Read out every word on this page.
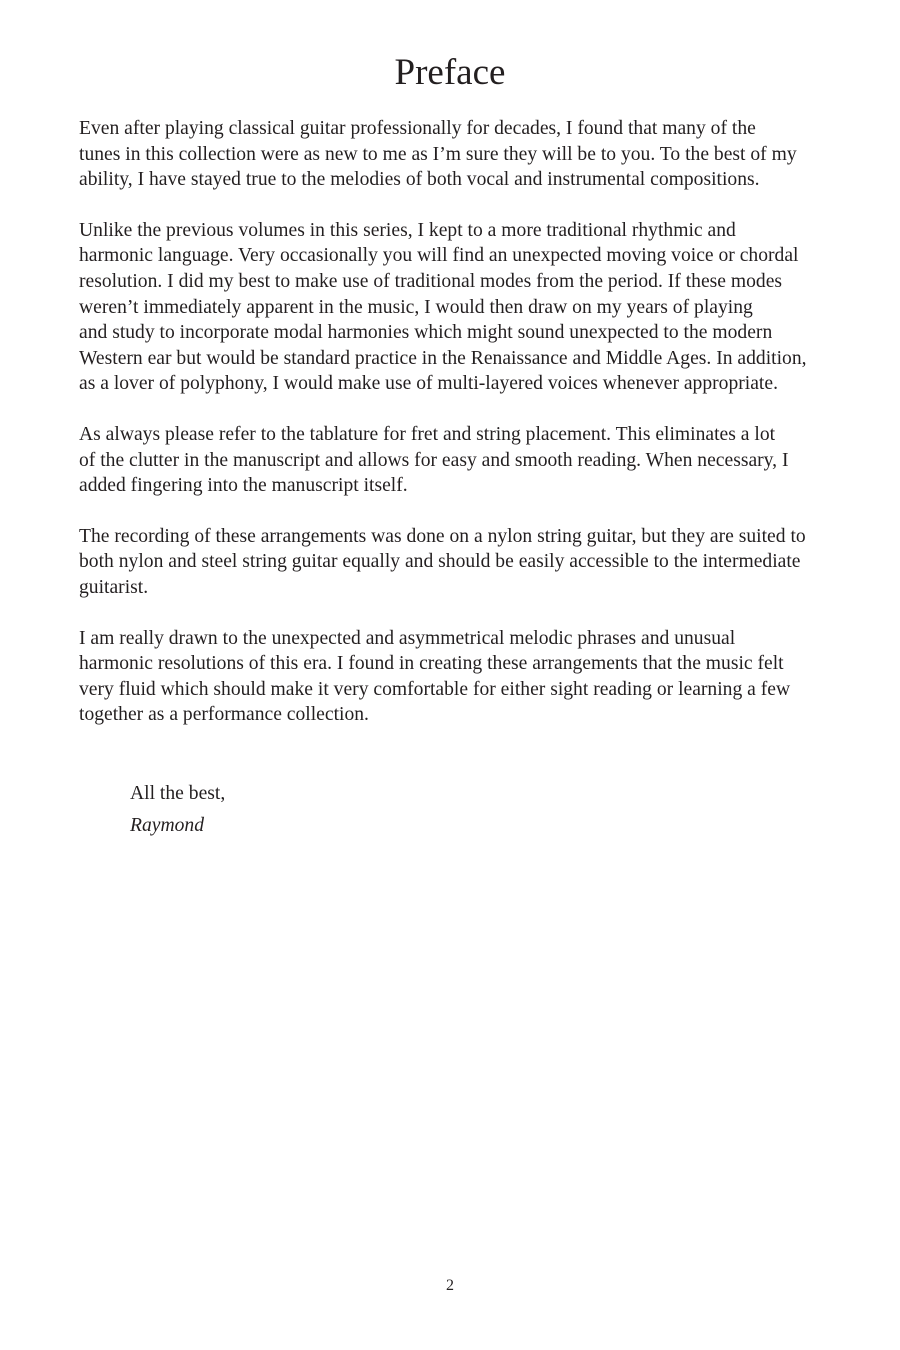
Preface

Even after playing classical guitar professionally for decades, I found that many of the
tunes in this collection were as new to me as I’m sure they will be to you. To the best of my
ability, I have stayed true to the melodies of both vocal and instrumental compositions.

Unlike the previous volumes in this series, I kept to a more traditional rhythmic and
harmonic language. Very occasionally you will find an unexpected moving voice or chordal
resolution. I did my best to make use of traditional modes from the period. If these modes
weren’t immediately apparent in the music, I would then draw on my years of playing
and study to incorporate modal harmonies which might sound unexpected to the modern
Western ear but would be standard practice in the Renaissance and Middle Ages. In addition,
as a lover of polyphony, I would make use of multi-layered voices whenever appropriate.

As always please refer to the tablature for fret and string placement. This eliminates a lot
of the clutter in the manuscript and allows for easy and smooth reading. When necessary, I
added fingering into the manuscript itself.

The recording of these arrangements was done on a nylon string guitar, but they are suited to
both nylon and steel string guitar equally and should be easily accessible to the intermediate
guitarist.

I am really drawn to the unexpected and asymmetrical melodic phrases and unusual
harmonic resolutions of this era. I found in creating these arrangements that the music felt
very fluid which should make it very comfortable for either sight reading or learning a few
together as a performance collection.

All the best,
Raymond
2
